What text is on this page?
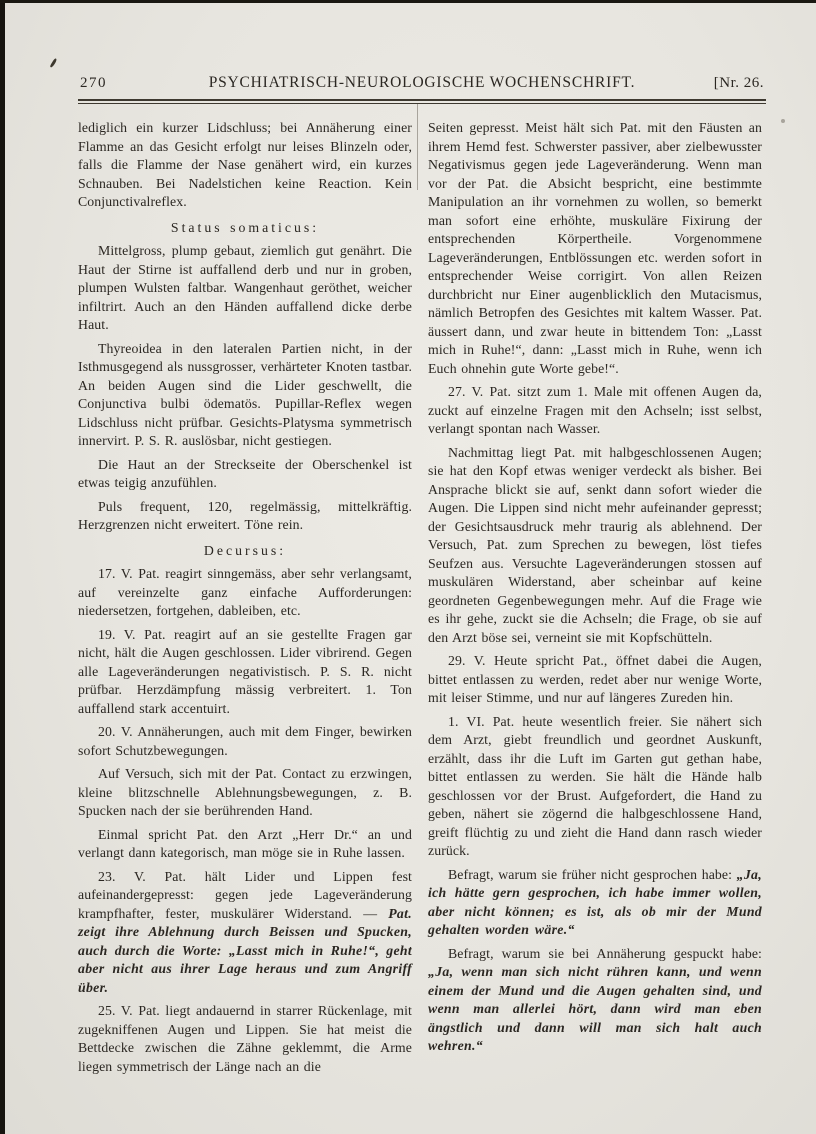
270	PSYCHIATRISCH-NEUROLOGISCHE WOCHENSCHRIFT.	[Nr. 26.

lediglich ein kurzer Lidschluss; bei Annäherung einer Flamme an das Gesicht erfolgt nur leises Blinzeln oder, falls die Flamme der Nase genähert wird, ein kurzes Schnauben. Bei Nadelstichen keine Reaction. Kein Conjunctivalreflex.

Status somaticus:

Mittelgross, plump gebaut, ziemlich gut genährt. Die Haut der Stirne ist auffallend derb und nur in groben, plumpen Wulsten faltbar. Wangenhaut geröthet, weicher infiltrirt. Auch an den Händen auffallend dicke derbe Haut.

Thyreoidea in den lateralen Partien nicht, in der Isthmusgegend als nussgrosser, verhärteter Knoten tastbar. An beiden Augen sind die Lider geschwellt, die Conjunctiva bulbi ödematös. Pupillar-Reflex wegen Lidschluss nicht prüfbar. Gesichts-Platysma symmetrisch innervirt. P. S. R. auslösbar, nicht gestiegen.

Die Haut an der Streckseite der Oberschenkel ist etwas teigig anzufühlen.

Puls frequent, 120, regelmässig, mittelkräftig. Herzgrenzen nicht erweitert. Töne rein.

Decursus:

17. V. Pat. reagirt sinngemäss, aber sehr verlangsamt, auf vereinzelte ganz einfache Aufforderungen: niedersetzen, fortgehen, dableiben, etc.

19. V. Pat. reagirt auf an sie gestellte Fragen gar nicht, hält die Augen geschlossen. Lider vibrirend. Gegen alle Lageveränderungen negativistisch. P. S. R. nicht prüfbar. Herzdämpfung mässig verbreitert. 1. Ton auffallend stark accentuirt.

20. V. Annäherungen, auch mit dem Finger, bewirken sofort Schutzbewegungen.

Auf Versuch, sich mit der Pat. Contact zu erzwingen, kleine blitzschnelle Ablehnungsbewegungen, z. B. Spucken nach der sie berührenden Hand.

Einmal spricht Pat. den Arzt „Herr Dr.“ an und verlangt dann kategorisch, man möge sie in Ruhe lassen.

23. V. Pat. hält Lider und Lippen fest aufeinandergepresst: gegen jede Lageveränderung krampfhafter, fester, muskulärer Widerstand. — Pat. zeigt ihre Ablehnung durch Beissen und Spucken, auch durch die Worte: „Lasst mich in Ruhe!“, geht aber nicht aus ihrer Lage heraus und zum Angriff über.

25. V. Pat. liegt andauernd in starrer Rückenlage, mit zugekniffenen Augen und Lippen. Sie hat meist die Bettdecke zwischen die Zähne geklemmt, die Arme liegen symmetrisch der Länge nach an die

Seiten gepresst. Meist hält sich Pat. mit den Fäusten an ihrem Hemd fest. Schwerster passiver, aber zielbewusster Negativismus gegen jede Lageveränderung. Wenn man vor der Pat. die Absicht bespricht, eine bestimmte Manipulation an ihr vornehmen zu wollen, so bemerkt man sofort eine erhöhte, muskuläre Fixirung der entsprechenden Körpertheile. Vorgenommene Lageveränderungen, Entblössungen etc. werden sofort in entsprechender Weise corrigirt. Von allen Reizen durchbricht nur Einer augenblicklich den Mutacismus, nämlich Betropfen des Gesichtes mit kaltem Wasser. Pat. äussert dann, und zwar heute in bittendem Ton: „Lasst mich in Ruhe!“, dann: „Lasst mich in Ruhe, wenn ich Euch ohnehin gute Worte gebe!“.

27. V. Pat. sitzt zum 1. Male mit offenen Augen da, zuckt auf einzelne Fragen mit den Achseln; isst selbst, verlangt spontan nach Wasser.

Nachmittag liegt Pat. mit halbgeschlossenen Augen; sie hat den Kopf etwas weniger verdeckt als bisher. Bei Ansprache blickt sie auf, senkt dann sofort wieder die Augen. Die Lippen sind nicht mehr aufeinander gepresst; der Gesichtsausdruck mehr traurig als ablehnend. Der Versuch, Pat. zum Sprechen zu bewegen, löst tiefes Seufzen aus. Versuchte Lageveränderungen stossen auf muskulären Widerstand, aber scheinbar auf keine geordneten Gegenbewegungen mehr. Auf die Frage wie es ihr gehe, zuckt sie die Achseln; die Frage, ob sie auf den Arzt böse sei, verneint sie mit Kopfschütteln.

29. V. Heute spricht Pat., öffnet dabei die Augen, bittet entlassen zu werden, redet aber nur wenige Worte, mit leiser Stimme, und nur auf längeres Zureden hin.

1. VI. Pat. heute wesentlich freier. Sie nähert sich dem Arzt, giebt freundlich und geordnet Auskunft, erzählt, dass ihr die Luft im Garten gut gethan habe, bittet entlassen zu werden. Sie hält die Hände halb geschlossen vor der Brust. Aufgefordert, die Hand zu geben, nähert sie zögernd die halbgeschlossene Hand, greift flüchtig zu und zieht die Hand dann rasch wieder zurück.

Befragt, warum sie früher nicht gesprochen habe: „Ja, ich hätte gern gesprochen, ich habe immer wollen, aber nicht können; es ist, als ob mir der Mund gehalten worden wäre.“

Befragt, warum sie bei Annäherung gespuckt habe: „Ja, wenn man sich nicht rühren kann, und wenn einem der Mund und die Augen gehalten sind, und wenn man allerlei hört, dann wird man eben ängstlich und dann will man sich halt auch wehren.“
